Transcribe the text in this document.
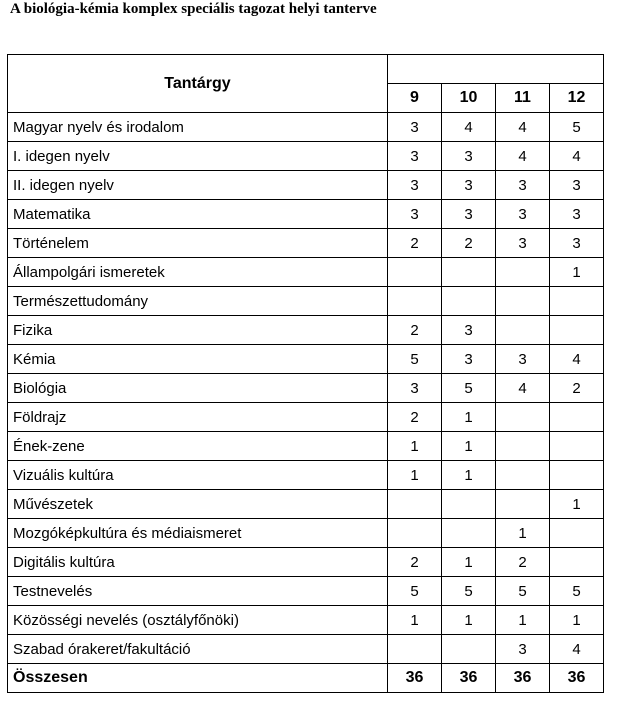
A biológia-kémia komplex speciális tagozat helyi tanterve
Tantárgy				
	9	10	11	12
Magyar nyelv és irodalom	3	4	4	5
I. idegen nyelv	3	3	4	4
II. idegen nyelv	3	3	3	3
Matematika	3	3	3	3
Történelem	2	2	3	3
Állampolgári ismeretek				1
Természettudomány				
Fizika	2	3		
Kémia	5	3	3	4
Biológia	3	5	4	2
Földrajz	2	1		
Ének-zene	1	1		
Vizuális kultúra	1	1		
Művészetek				1
Mozgóképkultúra és médiaismeret			1	
Digitális kultúra	2	1	2	
Testnevelés	5	5	5	5
Közösségi nevelés (osztályfőnöki)	1	1	1	1
Szabad órakeret/fakultáció			3	4
Összesen	36	36	36	36
